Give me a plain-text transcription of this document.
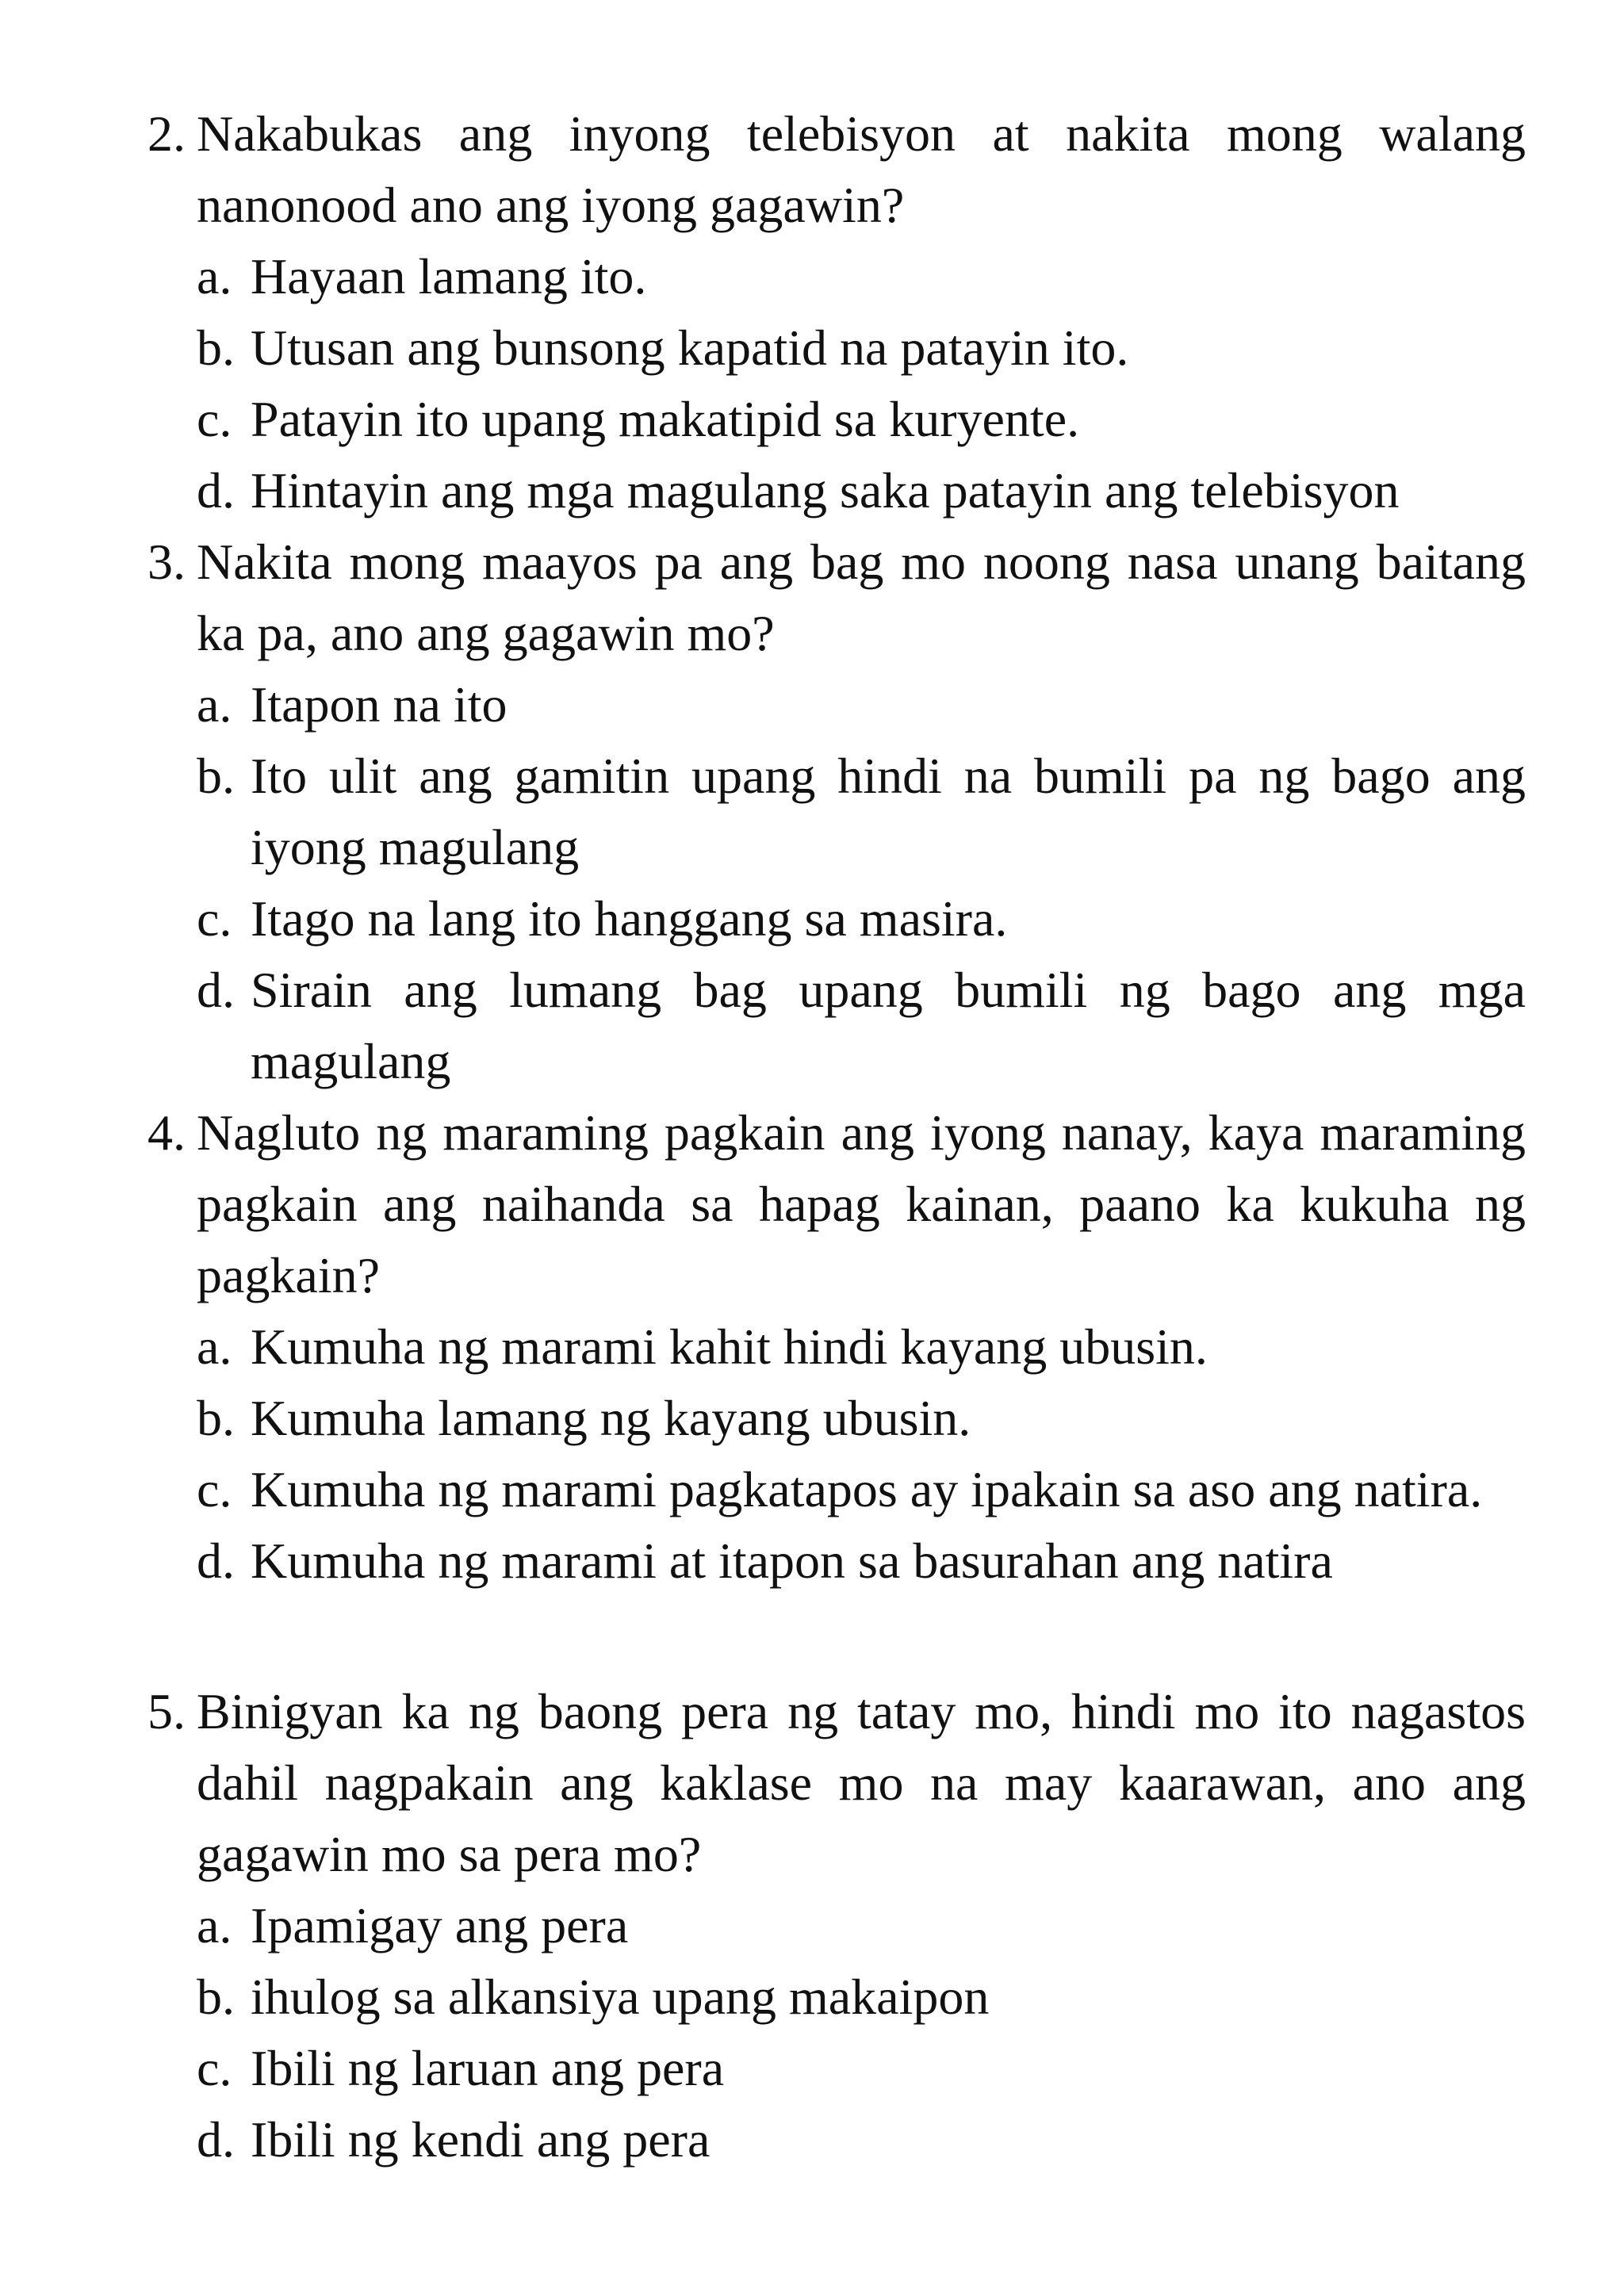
2. Nakabukas ang inyong telebisyon at nakita mong walang nanonood ano ang iyong gagawin?
a. Hayaan lamang ito.
b. Utusan ang bunsong kapatid na patayin ito.
c. Patayin ito upang makatipid sa kuryente.
d. Hintayin ang mga magulang saka patayin ang telebisyon
3. Nakita mong maayos pa ang bag mo noong nasa unang baitang ka pa, ano ang gagawin mo?
a. Itapon na ito
b. Ito ulit ang gamitin upang hindi na bumili pa ng bago ang iyong magulang
c. Itago na lang ito hanggang sa masira.
d. Sirain ang lumang bag upang bumili ng bago ang mga magulang
4. Nagluto ng maraming pagkain ang iyong nanay, kaya maraming pagkain ang naihanda sa hapag kainan, paano ka kukuha ng pagkain?
a. Kumuha ng marami kahit hindi kayang ubusin.
b. Kumuha lamang ng kayang ubusin.
c. Kumuha ng marami pagkatapos ay ipakain sa aso ang natira.
d. Kumuha ng marami at itapon sa basurahan ang natira
5. Binigyan ka ng baong pera ng tatay mo, hindi mo ito nagastos dahil nagpakain ang kaklase mo na may kaarawan, ano ang gagawin mo sa pera mo?
a. Ipamigay ang pera
b. ihulog sa alkansiya upang makaipon
c. Ibili ng laruan ang pera
d. Ibili ng kendi ang pera
